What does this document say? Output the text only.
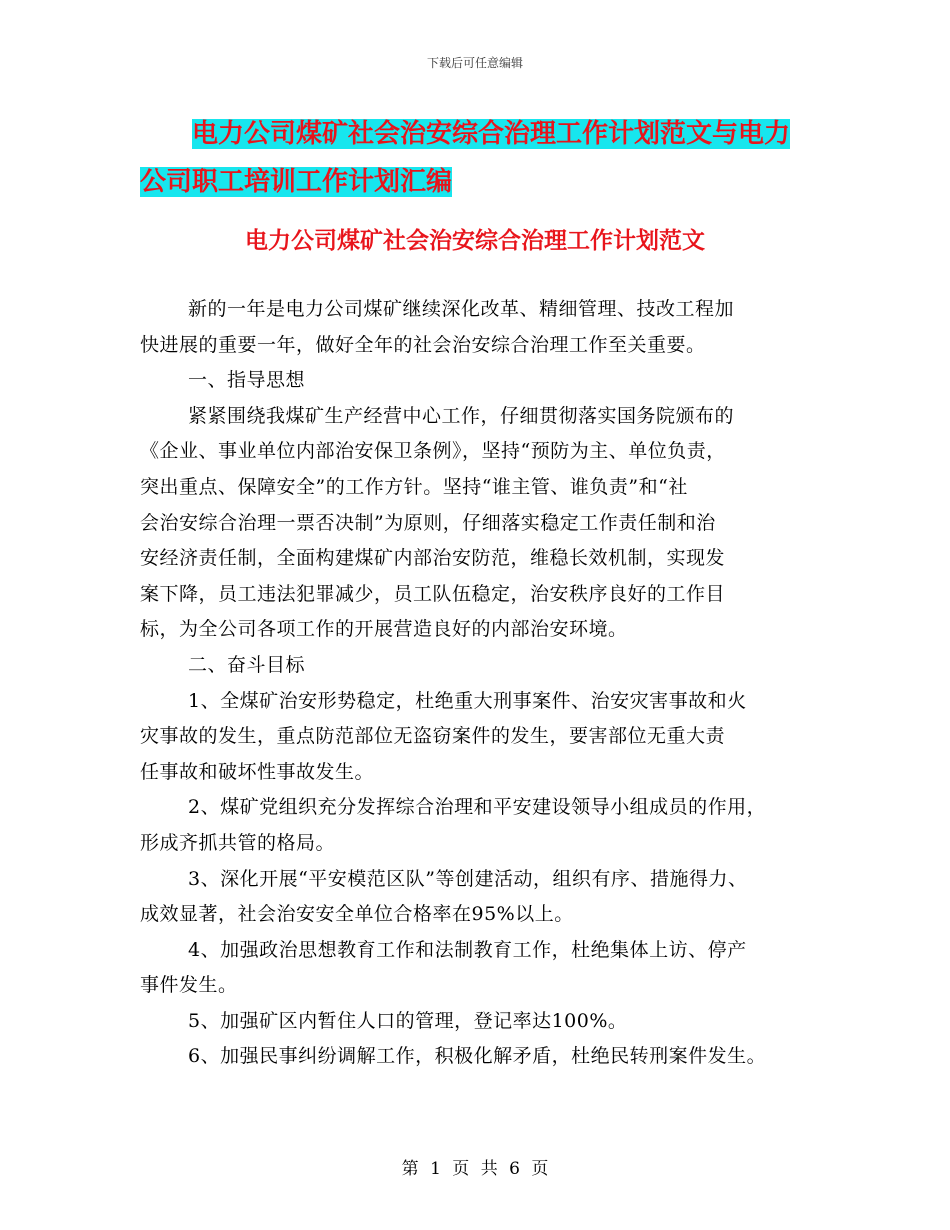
下载后可任意编辑
电力公司煤矿社会治安综合治理工作计划范文与电力
公司职工培训工作计划汇编
电力公司煤矿社会治安综合治理工作计划范文

新的一年是电力公司煤矿继续深化改革、精细管理、技改工程加

快进展的重要一年，做好全年的社会治安综合治理工作至关重要。

一、指导思想

紧紧围绕我煤矿生产经营中心工作，仔细贯彻落实国务院颁布的

《企业、事业单位内部治安保卫条例》，坚持“预防为主、单位负责，

突出重点、保障安全”的工作方针。坚持“谁主管、谁负责”和“社

会治安综合治理一票否决制”为原则，仔细落实稳定工作责任制和治

安经济责任制，全面构建煤矿内部治安防范，维稳长效机制，实现发

案下降，员工违法犯罪减少，员工队伍稳定，治安秩序良好的工作目

标，为全公司各项工作的开展营造良好的内部治安环境。

二、奋斗目标

1、全煤矿治安形势稳定，杜绝重大刑事案件、治安灾害事故和火

灾事故的发生，重点防范部位无盗窃案件的发生，要害部位无重大责

任事故和破坏性事故发生。

2、煤矿党组织充分发挥综合治理和平安建设领导小组成员的作用，

形成齐抓共管的格局。

3、深化开展“平安模范区队”等创建活动，组织有序、措施得力、

成效显著，社会治安安全单位合格率在95%以上。

4、加强政治思想教育工作和法制教育工作，杜绝集体上访、停产

事件发生。

5、加强矿区内暂住人口的管理，登记率达100%。

6、加强民事纠纷调解工作，积极化解矛盾，杜绝民转刑案件发生。

第 1 页 共 6 页
